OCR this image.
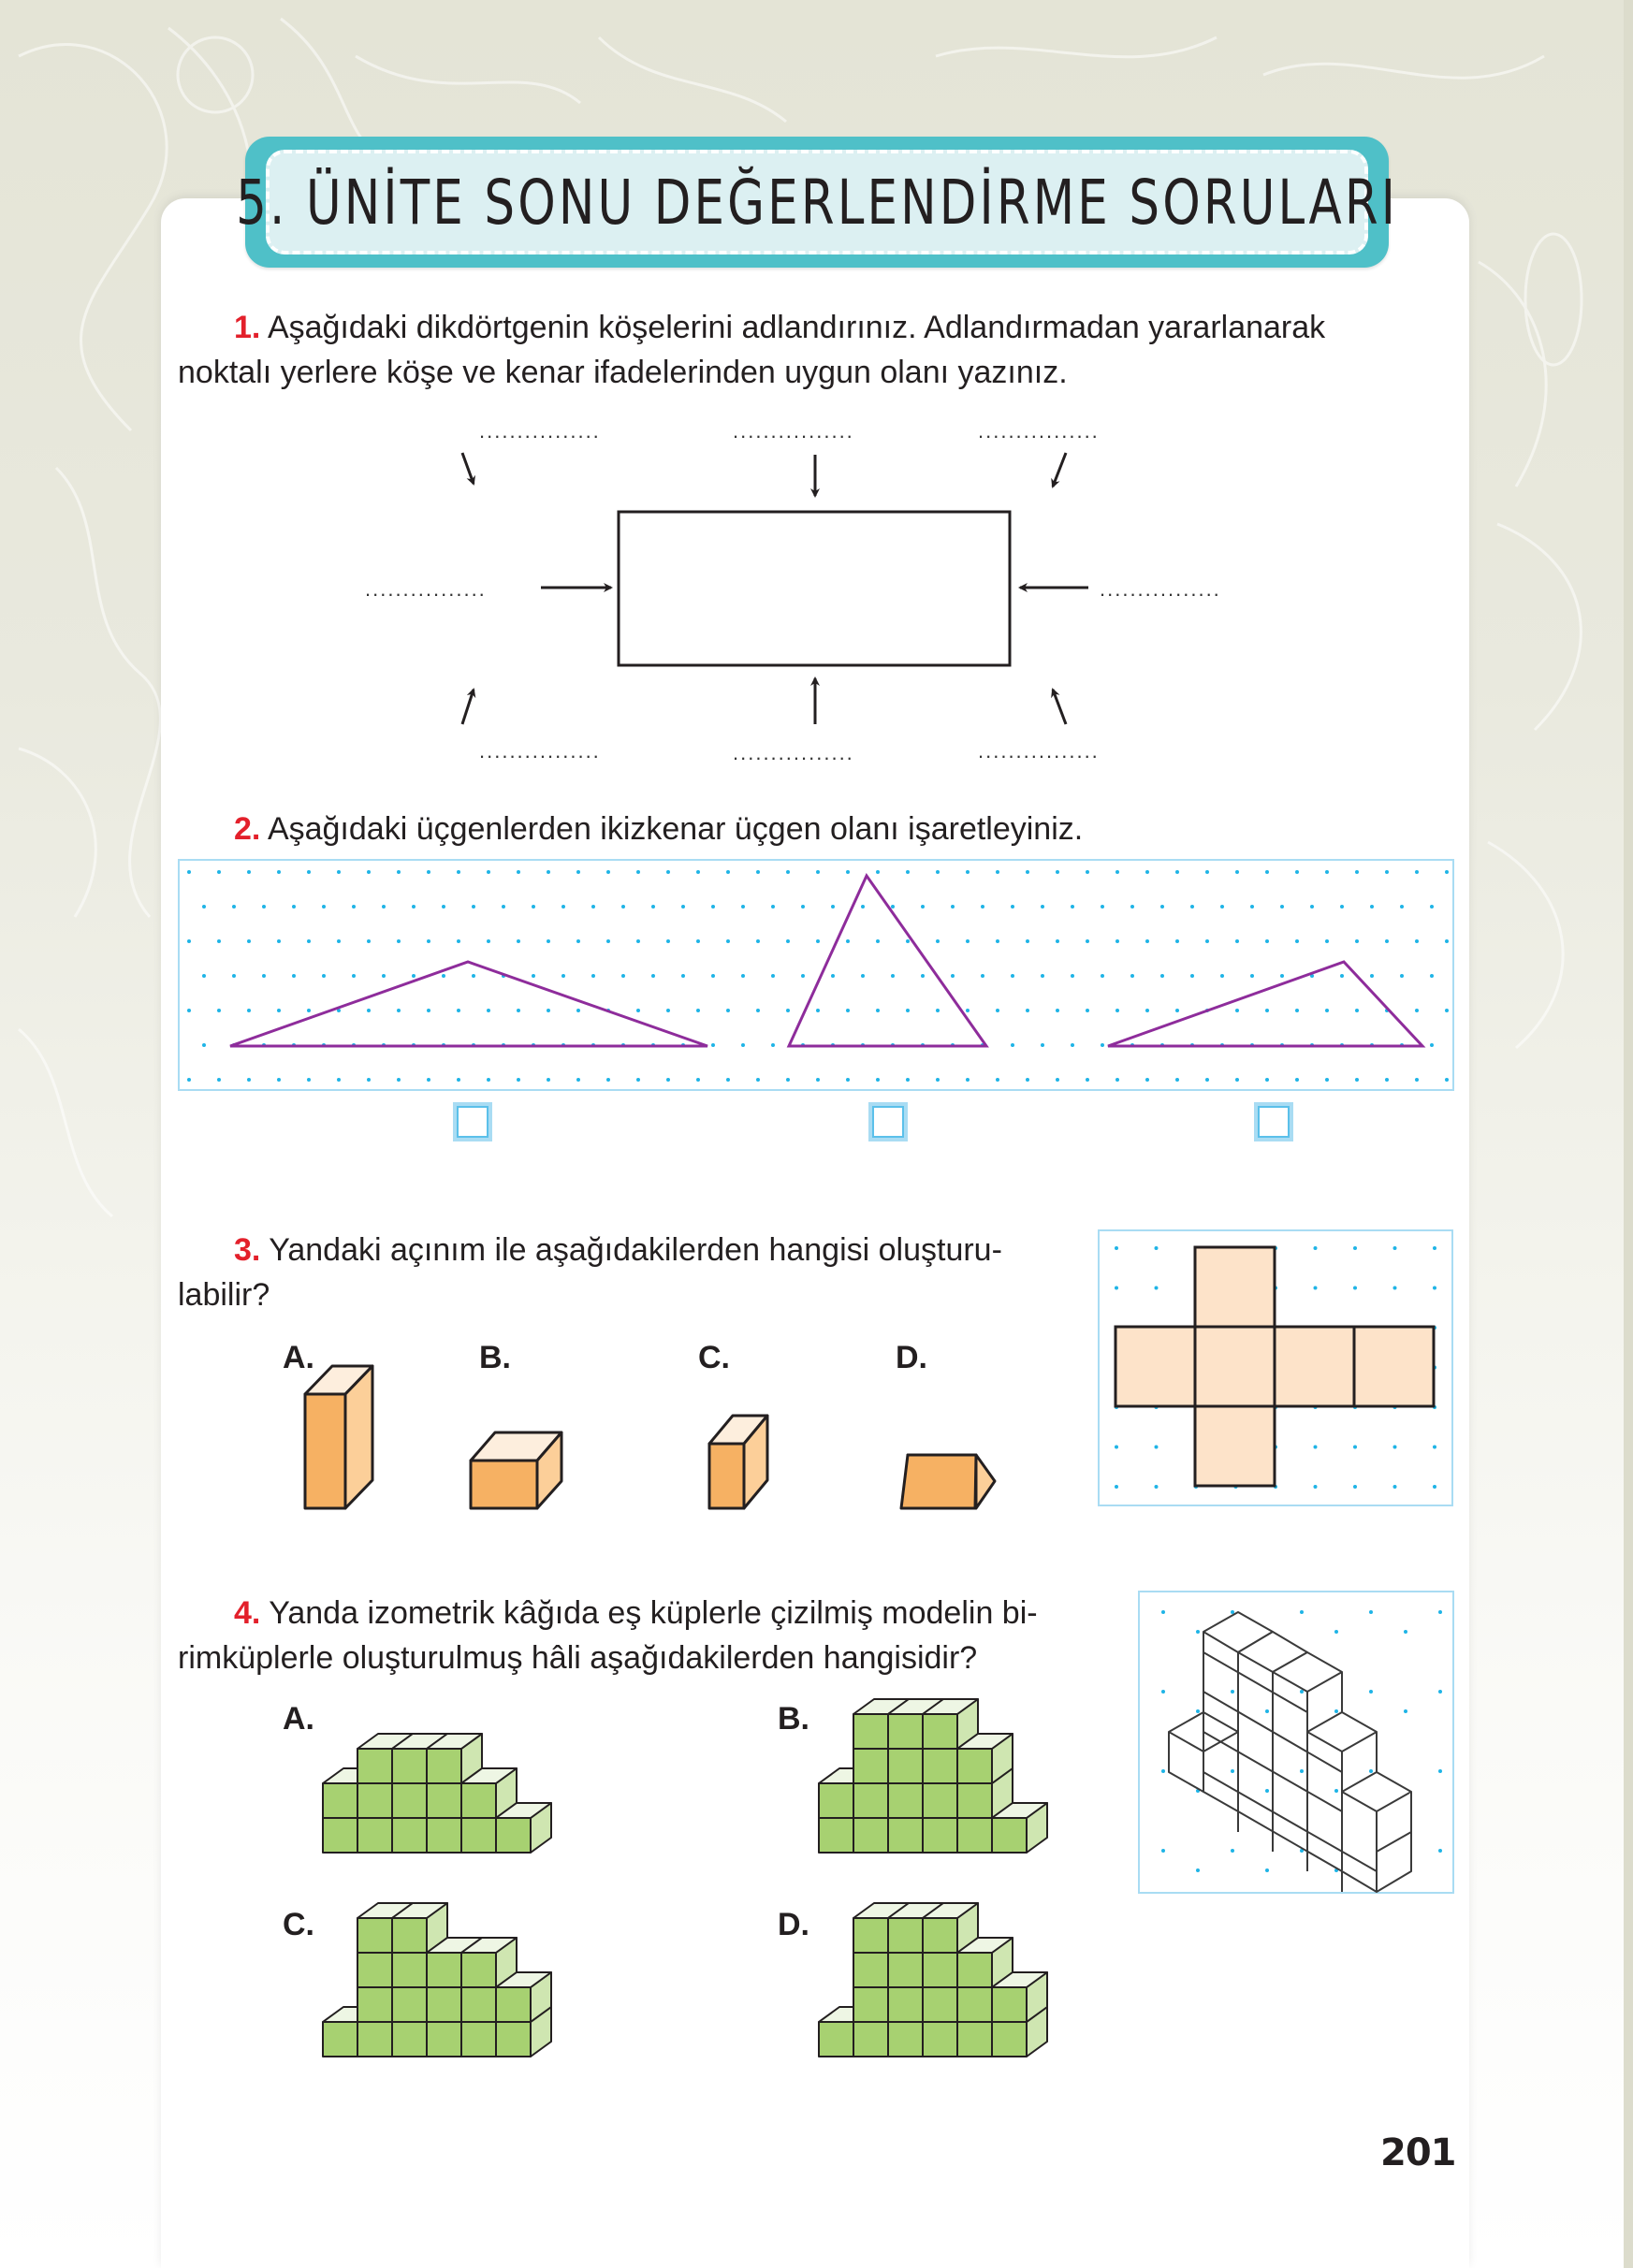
5. ÜNİTE SONU DEĞERLENDİRME SORULARI
1. Aşağıdaki dikdörtgenin köşelerini adlandırınız. Adlandırmadan yararlanarak
noktalı yerlere köşe ve kenar ifadelerinden uygun olanı yazınız.
................	................	................
................	................
................	................	................
2. Aşağıdaki üçgenlerden ikizkenar üçgen olanı işaretleyiniz.
3. Yandaki açınım ile aşağıdakilerden hangisi oluşturu-
labilir?
A.	B.	C.	D.
4. Yanda izometrik kâğıda eş küplerle çizilmiş modelin bi-
rimküplerle oluşturulmuş hâli aşağıdakilerden hangisidir?
A.	B.
C.	D.
201
